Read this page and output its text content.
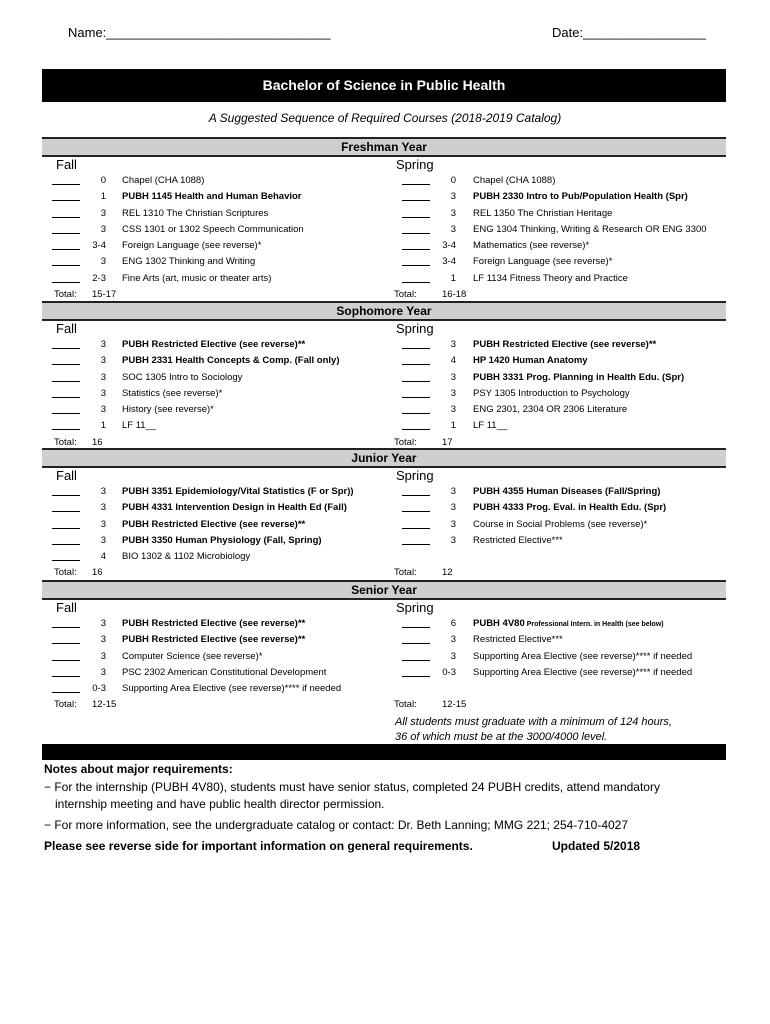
Name:_______________________________	Date:_________________
Bachelor of Science in Public Health
A Suggested Sequence of Required Courses (2018-2019 Catalog)
Freshman Year
Fall	Spring
0 Chapel (CHA 1088)	0 Chapel (CHA 1088)
1 PUBH 1145 Health and Human Behavior	3 PUBH 2330 Intro to Pub/Population Health (Spr)
3 REL 1310 The Christian Scriptures	3 REL 1350 The Christian Heritage
3 CSS 1301 or 1302 Speech Communication	3 ENG 1304 Thinking, Writing & Research OR ENG 3300
3-4 Foreign Language (see reverse)*	3-4 Mathematics (see reverse)*
3 ENG 1302 Thinking and Writing	3-4 Foreign Language (see reverse)*
2-3 Fine Arts (art, music or theater arts)	1 LF 1134 Fitness Theory and Practice
Total: 15-17	Total:	16-18
Sophomore Year
Fall	Spring
3 PUBH Restricted Elective (see reverse)**	3 PUBH Restricted Elective (see reverse)**
3 PUBH 2331 Health Concepts & Comp. (Fall only)	4 HP 1420 Human Anatomy
3 SOC 1305 Intro to Sociology	3 PUBH 3331 Prog. Planning in Health Edu. (Spr)
3 Statistics (see reverse)*	3 PSY 1305 Introduction to Psychology
3 History (see reverse)*	3 ENG 2301, 2304 OR 2306 Literature
1 LF 11__	1 LF 11__
Total: 16	Total:	17
Junior Year
Fall	Spring
3 PUBH 3351 Epidemiology/Vital Statistics (F or Spr))	3 PUBH 4355 Human Diseases (Fall/Spring)
3 PUBH 4331 Intervention Design in Health Ed (Fall)	3 PUBH 4333 Prog. Eval. in Health Edu. (Spr)
3 PUBH Restricted Elective (see reverse)**	3 Course in Social Problems (see reverse)*
3 PUBH 3350 Human Physiology (Fall, Spring)	3 Restricted Elective***
4 BIO 1302 & 1102 Microbiology
Total: 16	Total:	12
Senior Year
Fall	Spring
3 PUBH Restricted Elective (see reverse)**	6 PUBH 4V80 Professional Intern. in Health (see below)
3 PUBH Restricted Elective (see reverse)**	3 Restricted Elective***
3 Computer Science (see reverse)*	3 Supporting Area Elective (see reverse)**** if needed
3 PSC 2302 American Constitutional Development	0-3 Supporting Area Elective (see reverse)**** if needed
0-3 Supporting Area Elective (see reverse)**** if needed
Total: 12-15	Total:	12-15
All students must graduate with a minimum of 124 hours,
36 of which must be at the 3000/4000 level.
Notes about major requirements:
− For the internship (PUBH 4V80), students must have senior status, completed 24 PUBH credits, attend mandatory
internship meeting and have public health director permission.
− For more information, see the undergraduate catalog or contact: Dr. Beth Lanning; MMG 221; 254-710-4027
Please see reverse side for important information on general requirements.	Updated 5/2018
